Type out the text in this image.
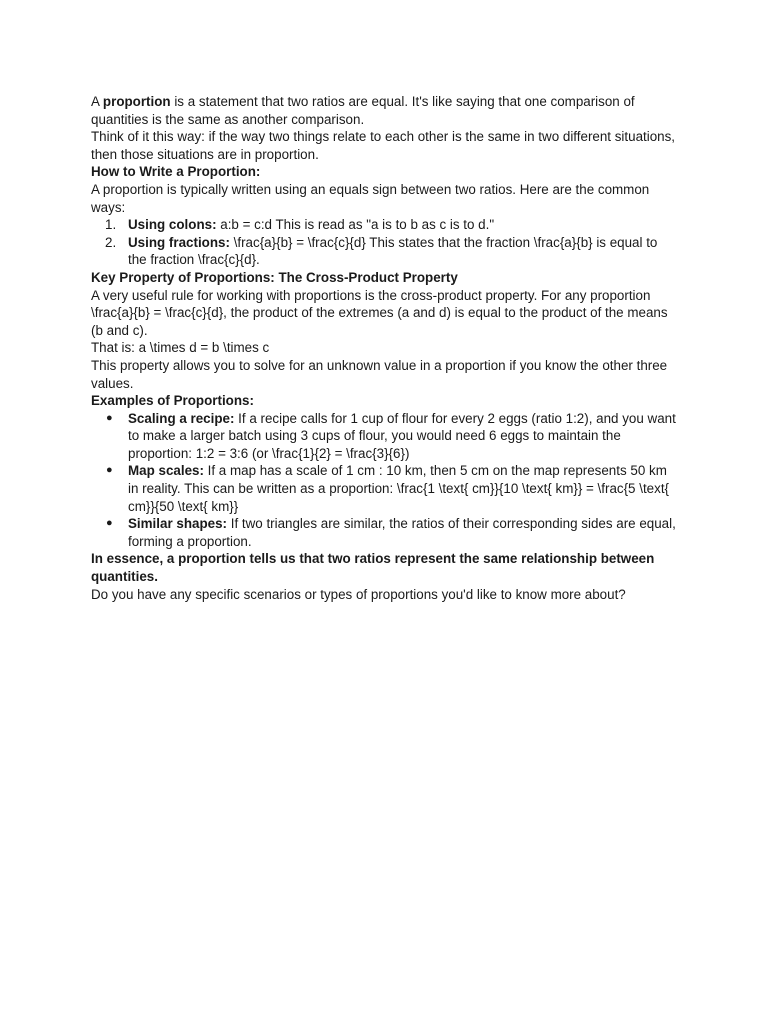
A proportion is a statement that two ratios are equal. It's like saying that one comparison of quantities is the same as another comparison.

Think of it this way: if the way two things relate to each other is the same in two different situations, then those situations are in proportion.

How to Write a Proportion:

A proportion is typically written using an equals sign between two ratios. Here are the common ways:

1. Using colons: a:b = c:d This is read as "a is to b as c is to d."
2. Using fractions: \frac{a}{b} = \frac{c}{d} This states that the fraction \frac{a}{b} is equal to the fraction \frac{c}{d}.

Key Property of Proportions: The Cross-Product Property

A very useful rule for working with proportions is the cross-product property. For any proportion \frac{a}{b} = \frac{c}{d}, the product of the extremes (a and d) is equal to the product of the means (b and c).

That is: a \times d = b \times c

This property allows you to solve for an unknown value in a proportion if you know the other three values.

Examples of Proportions:

● Scaling a recipe: If a recipe calls for 1 cup of flour for every 2 eggs (ratio 1:2), and you want to make a larger batch using 3 cups of flour, you would need 6 eggs to maintain the proportion: 1:2 = 3:6 (or \frac{1}{2} = \frac{3}{6})
● Map scales: If a map has a scale of 1 cm : 10 km, then 5 cm on the map represents 50 km in reality. This can be written as a proportion: \frac{1 \text{ cm}}{10 \text{ km}} = \frac{5 \text{ cm}}{50 \text{ km}}
● Similar shapes: If two triangles are similar, the ratios of their corresponding sides are equal, forming a proportion.

In essence, a proportion tells us that two ratios represent the same relationship between quantities.

Do you have any specific scenarios or types of proportions you'd like to know more about?
